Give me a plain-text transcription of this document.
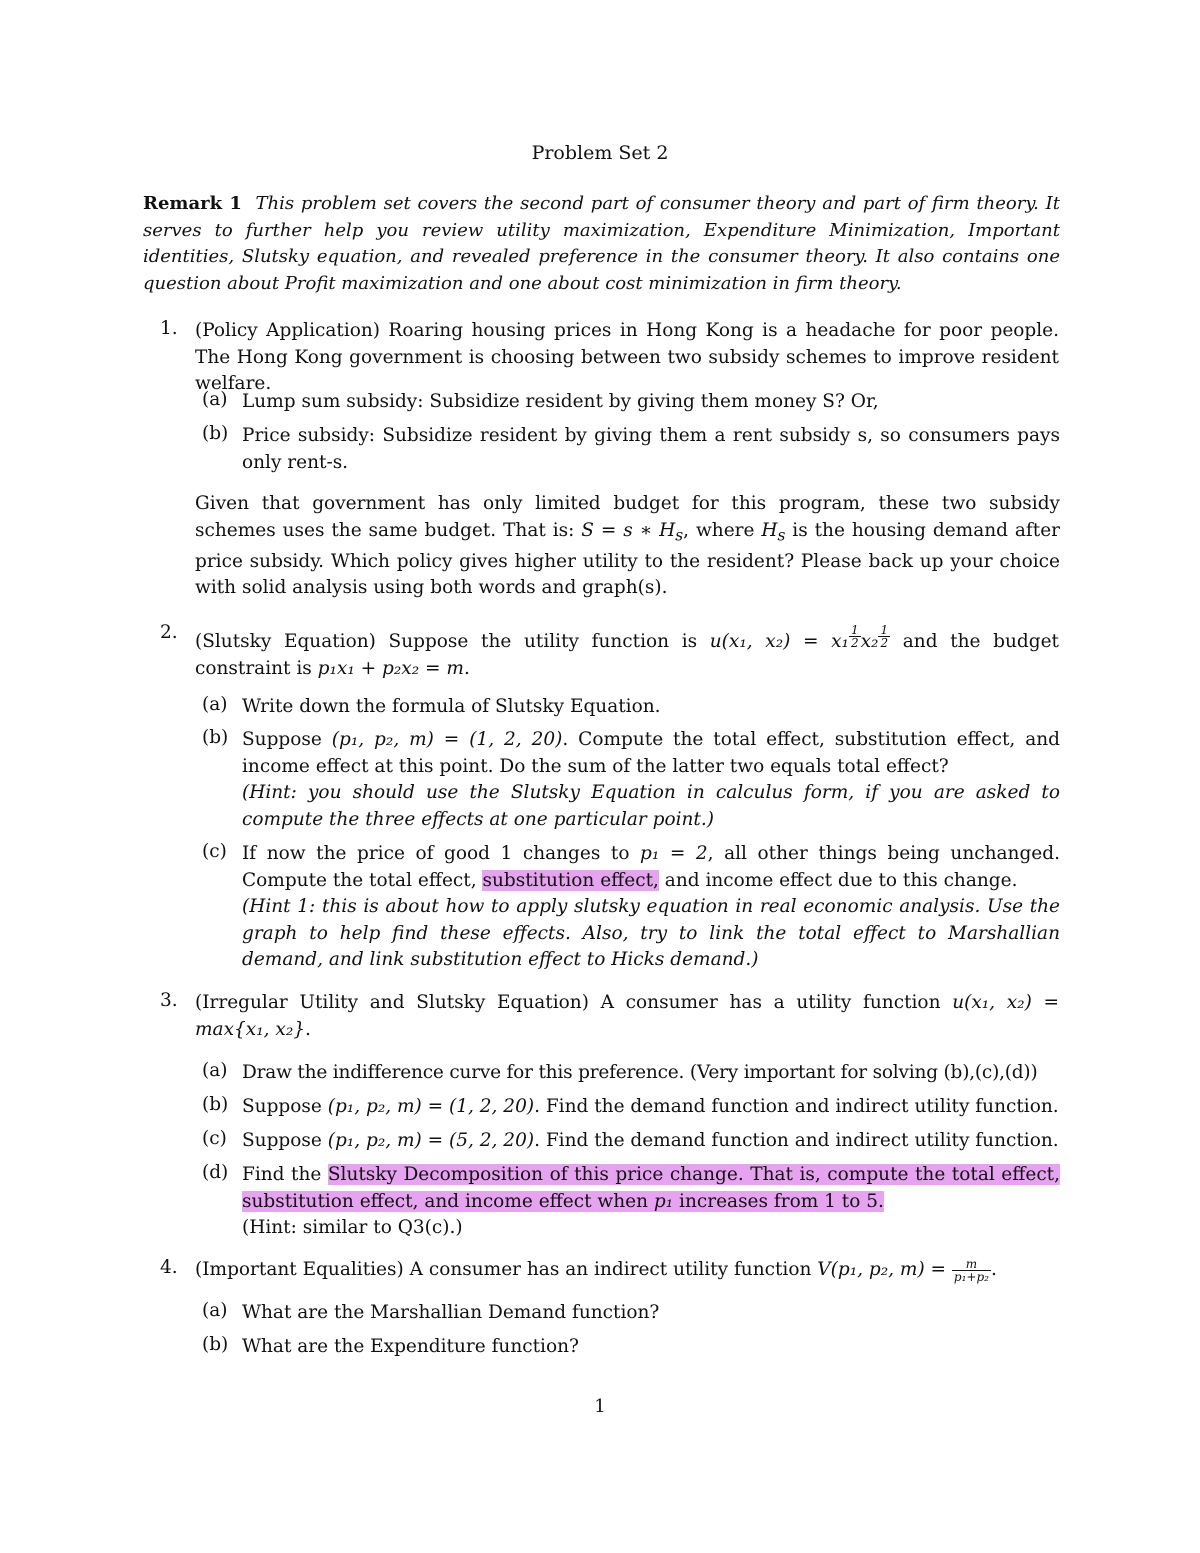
Problem Set 2
Remark 1 This problem set covers the second part of consumer theory and part of firm theory. It serves to further help you review utility maximization, Expenditure Minimization, Important identities, Slutsky equation, and revealed preference in the consumer theory. It also contains one question about Profit maximization and one about cost minimization in firm theory.
1. (Policy Application) Roaring housing prices in Hong Kong is a headache for poor people. The Hong Kong government is choosing between two subsidy schemes to improve resident welfare.
(a) Lump sum subsidy: Subsidize resident by giving them money S? Or,
(b) Price subsidy: Subsidize resident by giving them a rent subsidy s, so consumers pays only rent-s.
Given that government has only limited budget for this program, these two subsidy schemes uses the same budget. That is: S = s ∗ $H_s$, where $H_s$ is the housing demand after price subsidy. Which policy gives higher utility to the resident? Please back up your choice with solid analysis using both words and graph(s).
2. (Slutsky Equation) Suppose the utility function is u(x₁, x₂) = x₁ $^{\frac{1}{2}}$ x₂ $^{\frac{1}{2}}$ and the budget constraint is p₁x₁ + p₂x₂ = m.
(a) Write down the formula of Slutsky Equation.
(b) Suppose (p₁, p₂, m) = (1, 2, 20). Compute the total effect, substitution effect, and income effect at this point. Do the sum of the latter two equals total effect?
(Hint: you should use the Slutsky Equation in calculus form, if you are asked to compute the three effects at one particular point.)
(c) If now the price of good 1 changes to p₁ = 2, all other things being unchanged. Compute the total effect, substitution effect, and income effect due to this change.
(Hint 1: this is about how to apply slutsky equation in real economic analysis. Use the graph to help find these effects. Also, try to link the total effect to Marshallian demand, and link substitution effect to Hicks demand.)
3. (Irregular Utility and Slutsky Equation) A consumer has a utility function u(x₁, x₂) = max{x₁, x₂}.
(a) Draw the indifference curve for this preference. (Very important for solving (b),(c),(d))
(b) Suppose (p₁, p₂, m) = (1, 2, 20). Find the demand function and indirect utility function.
(c) Suppose (p₁, p₂, m) = (5, 2, 20). Find the demand function and indirect utility function.
(d) Find the Slutsky Decomposition of this price change. That is, compute the total effect, substitution effect, and income effect when p₁ increases from 1 to 5.
(Hint: similar to Q3(c).)
4. (Important Equalities) A consumer has an indirect utility function V(p₁, p₂, $m) = \frac{m}{\text{p₁+p₂}}$ .
(a) What are the Marshallian Demand function?
(b) What are the Expenditure function?
1
